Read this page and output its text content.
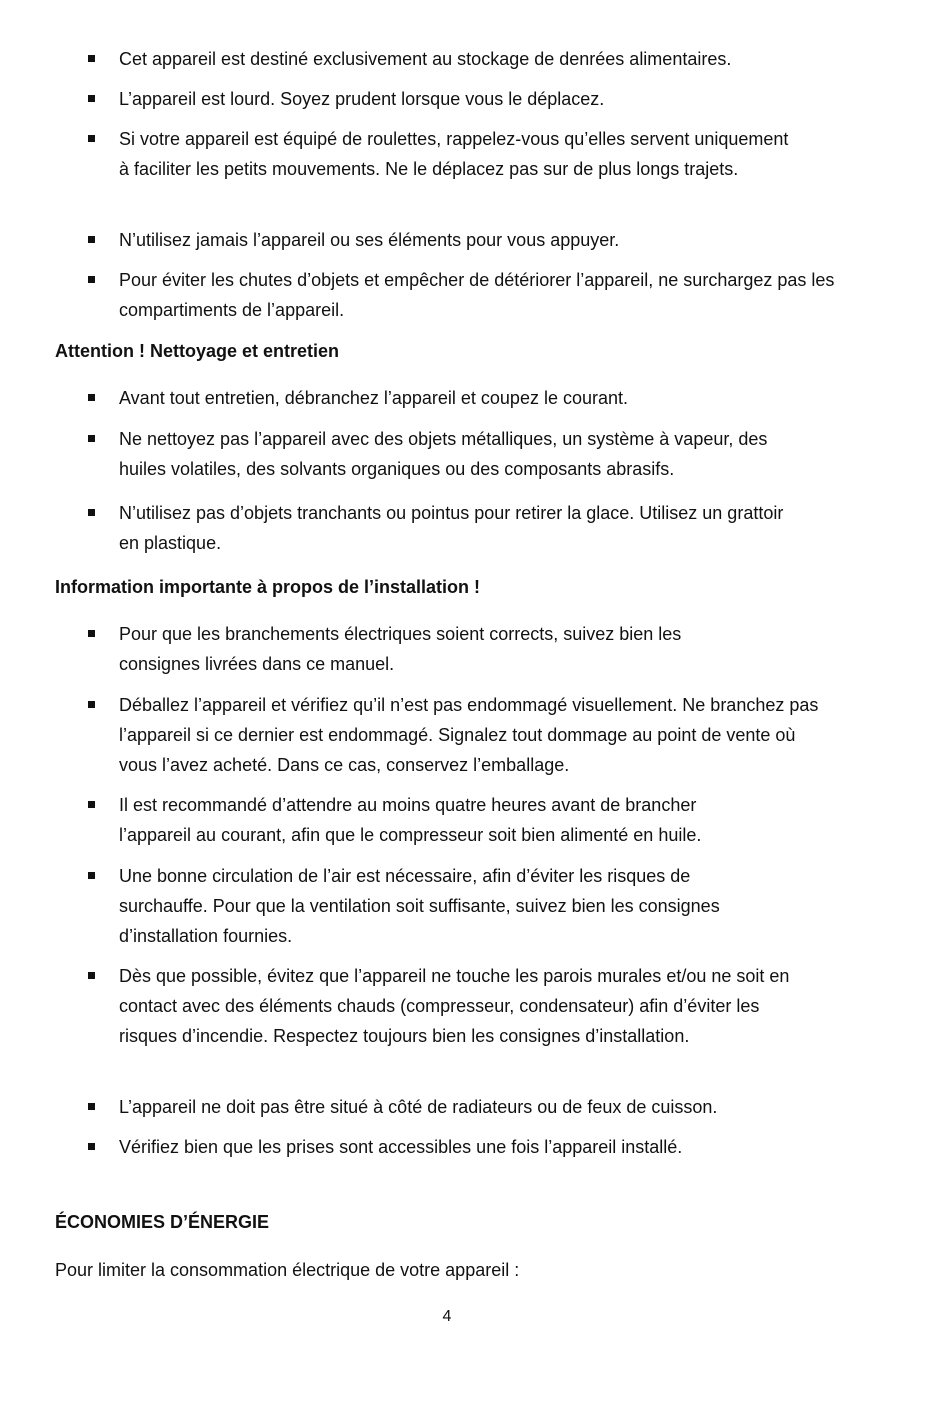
Cet appareil est destiné exclusivement au stockage de denrées alimentaires.
L’appareil est lourd. Soyez prudent lorsque vous le déplacez.
Si votre appareil est équipé de roulettes, rappelez-vous qu’elles servent uniquement à faciliter les petits mouvements. Ne le déplacez pas sur de plus longs trajets.
N’utilisez jamais l’appareil ou ses éléments pour vous appuyer.
Pour éviter les chutes d’objets et empêcher de détériorer l’appareil, ne surchargez pas les compartiments de l’appareil.
Attention ! Nettoyage et entretien
Avant tout entretien, débranchez l’appareil et coupez le courant.
Ne nettoyez pas l’appareil avec des objets métalliques, un système à vapeur, des huiles volatiles, des solvants organiques ou des composants abrasifs.
N’utilisez pas d’objets tranchants ou pointus pour retirer la glace. Utilisez un grattoir en plastique.
Information importante à propos de l’installation !
Pour que les branchements électriques soient corrects, suivez bien les consignes livrées dans ce manuel.
Déballez l’appareil et vérifiez qu’il n’est pas endommagé visuellement. Ne branchez pas l’appareil si ce dernier est endommagé. Signalez tout dommage au point de vente où vous l’avez acheté. Dans ce cas, conservez l’emballage.
Il est recommandé d’attendre au moins quatre heures avant de brancher l’appareil au courant, afin que le compresseur soit bien alimenté en huile.
Une bonne circulation de l’air est nécessaire, afin d’éviter les risques de surchauffe. Pour que la ventilation soit suffisante, suivez bien les consignes d’installation fournies.
Dès que possible, évitez que l’appareil ne touche les parois murales et/ou ne soit en contact avec des éléments chauds (compresseur, condensateur) afin d’éviter les risques d’incendie. Respectez toujours bien les consignes d’installation.
L’appareil ne doit pas être situé à côté de radiateurs ou de feux de cuisson.
Vérifiez bien que les prises sont accessibles une fois l’appareil installé.
ÉCONOMIES D’ÉNERGIE
Pour limiter la consommation électrique de votre appareil :
4
